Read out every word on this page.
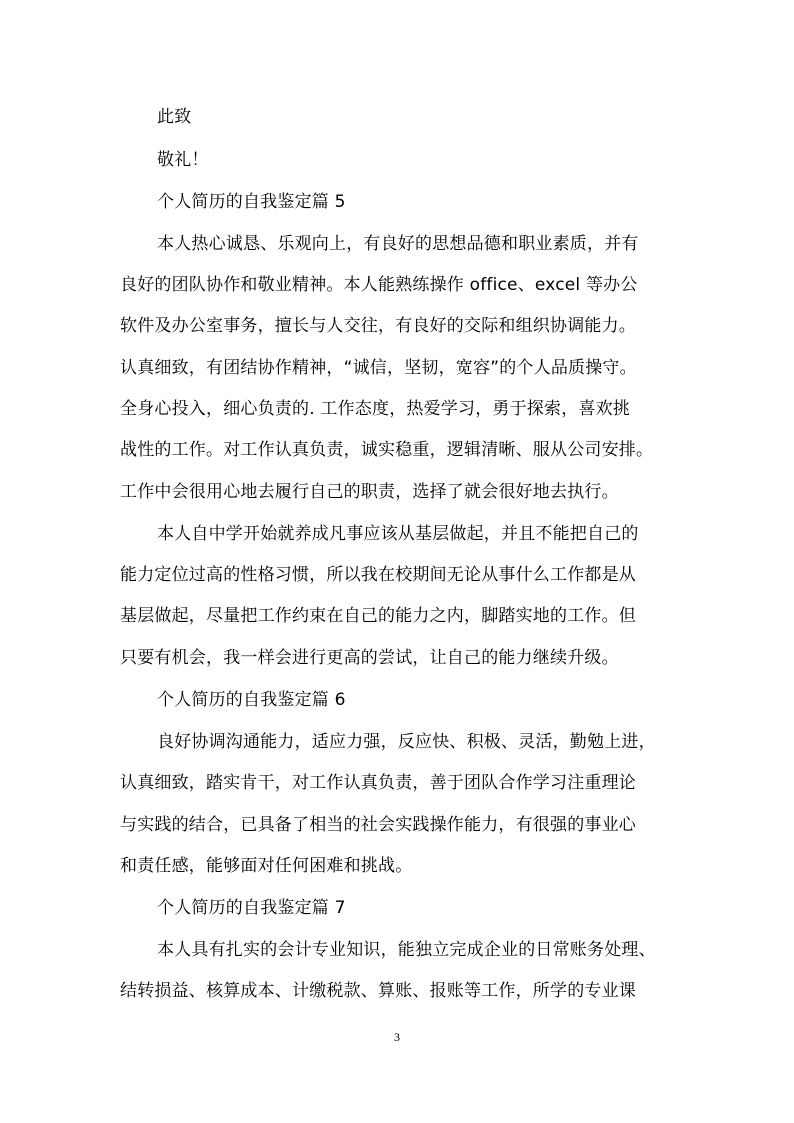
此致
敬礼！
个人简历的自我鉴定篇 5
本人热心诚恳、乐观向上，有良好的思想品德和职业素质，并有
良好的团队协作和敬业精神。本人能熟练操作 office、excel 等办公
软件及办公室事务，擅长与人交往，有良好的交际和组织协调能力。
认真细致，有团结协作精神，“诚信，坚韧，宽容”的个人品质操守。
全身心投入，细心负责的. 工作态度，热爱学习，勇于探索，喜欢挑
战性的工作。对工作认真负责，诚实稳重，逻辑清晰、服从公司安排。
工作中会很用心地去履行自己的职责，选择了就会很好地去执行。
本人自中学开始就养成凡事应该从基层做起，并且不能把自己的
能力定位过高的性格习惯，所以我在校期间无论从事什么工作都是从
基层做起，尽量把工作约束在自己的能力之内，脚踏实地的工作。但
只要有机会，我一样会进行更高的尝试，让自己的能力继续升级。
个人简历的自我鉴定篇 6
良好协调沟通能力，适应力强，反应快、积极、灵活，勤勉上进，
认真细致，踏实肯干，对工作认真负责，善于团队合作学习注重理论
与实践的结合，已具备了相当的社会实践操作能力，有很强的事业心
和责任感，能够面对任何困难和挑战。
个人简历的自我鉴定篇 7
本人具有扎实的会计专业知识，能独立完成企业的日常账务处理、
结转损益、核算成本、计缴税款、算账、报账等工作，所学的专业课
3
